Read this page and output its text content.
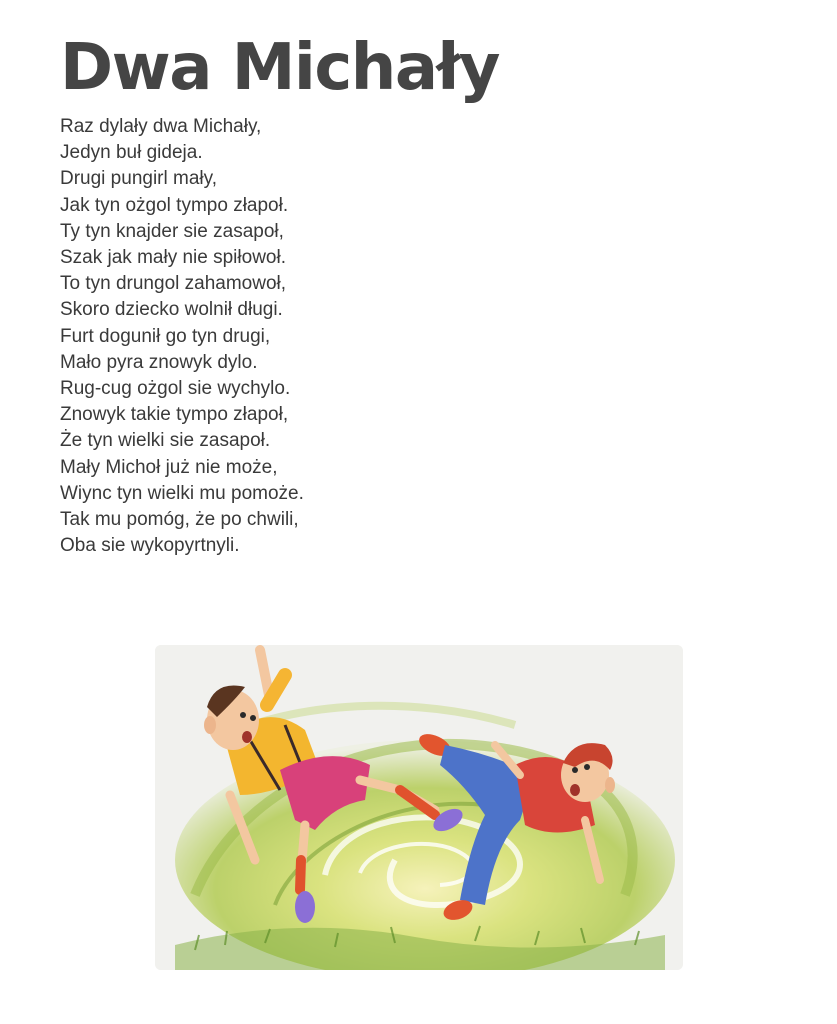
Dwa Michały
Raz dylały dwa Michały,
Jedyn buł gideja.
Drugi pungirl mały,
Jak tyn ożgol tympo złapoł.
Ty tyn knajder sie zasapoł,
Szak jak mały nie spiłowoł.
To tyn drungol zahamowoł,
Skoro dziecko wolnił długi.
Furt dogunił go tyn drugi,
Mało pyra znowyk dylo.
Rug-cug ożgol sie wychylo.
Znowyk takie tympo złapoł,
Że tyn wielki sie zasapoł.
Mały Michoł już nie może,
Wiync tyn wielki mu pomoże.
Tak mu pomóg, że po chwili,
Oba sie wykopyrtnyli.
